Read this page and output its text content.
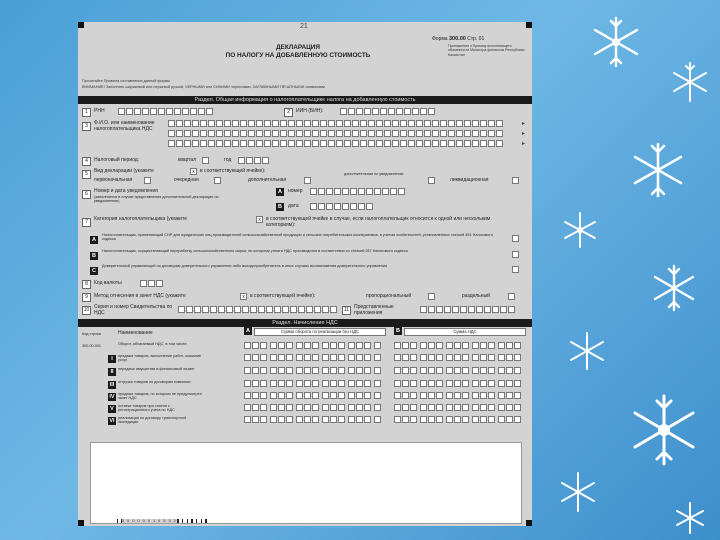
21
Форма 300.00 Стр. 01
ДЕКЛАРАЦИЯ
ПО НАЛОГУ НА ДОБАВЛЕННУЮ СТОИМОСТЬ
Приложение к Приказу исполняющего обязанности Министра финансов Республики Казахстан
Прочитайте Правила составления данной формы
ВНИМАНИЕ! Заполнять шариковой или перьевой ручкой, ЧЕРНЫМИ или СИНИМИ чернилами, ЗАГЛАВНЫМИ ПЕЧАТНЫМИ символами
Раздел. Общая информация о налогоплательщике налога на добавленную стоимость
1	РНН	2	ИИН (БИН):
3	Ф.И.О. или наименование налогоплательщика НДС
▸
▸
▸
4	Налоговый период:	квартал	год
5	Вид декларации (укажите	х	в соответствующей ячейке):
первоначальная	очередная	дополнительная
дополнительная по уведомлению
ликвидационная
6	Номер и дата уведомления
(заполняется в случае представления дополнительной декларации по уведомлению)
A	номер
B	дата
7	Категория налогоплательщика (укажите	х	в соответствующей ячейке в случае, если налогоплательщик относится к одной или нескольким категориям):
A
Налогоплательщик, применяющий СНР для юридических лиц-производителей сельскохозяйственной продукции и сельских потребительских кооперативов, в учетом особенностей, установленных статьей 451 Налогового кодекса
B
Налогоплательщик, осуществляющий переработку сельскохозяйственного сырья, по которому уплата НДС производится в соответствии со статьей 267 Налогового кодекса
C
Доверительный управляющий по договорам доверительного управления либо выгодоприобретатель в иных случаях возникновения доверительного управления
8	Код валюты
9	Метод отнесения в зачет НДС (укажите	х	в соответствующей ячейке):	пропорциональный	раздельный
10 Серия и номер Свидетельства по НДС	11 Представленные приложения
Раздел. Начисление НДС
Код строки	Наименование	A	Сумма оборота по реализации без НДС	B	Сумма НДС
300.00.001	Оборот, облагаемый НДС, в том числе:
I	продажа товаров, выполнение работ, оказание услуг
II	передача имущества в финансовый лизинг
III отгрузка товаров по договорам комиссии
IV продажа товаров, по которым не предусмотрен зачет НДС
V	остатки товаров при снятии с регистрационного учета по НДС
VI реализация по договору транспортной экспедиции
3 0 0 0 0 0 1 0 5 3 2
